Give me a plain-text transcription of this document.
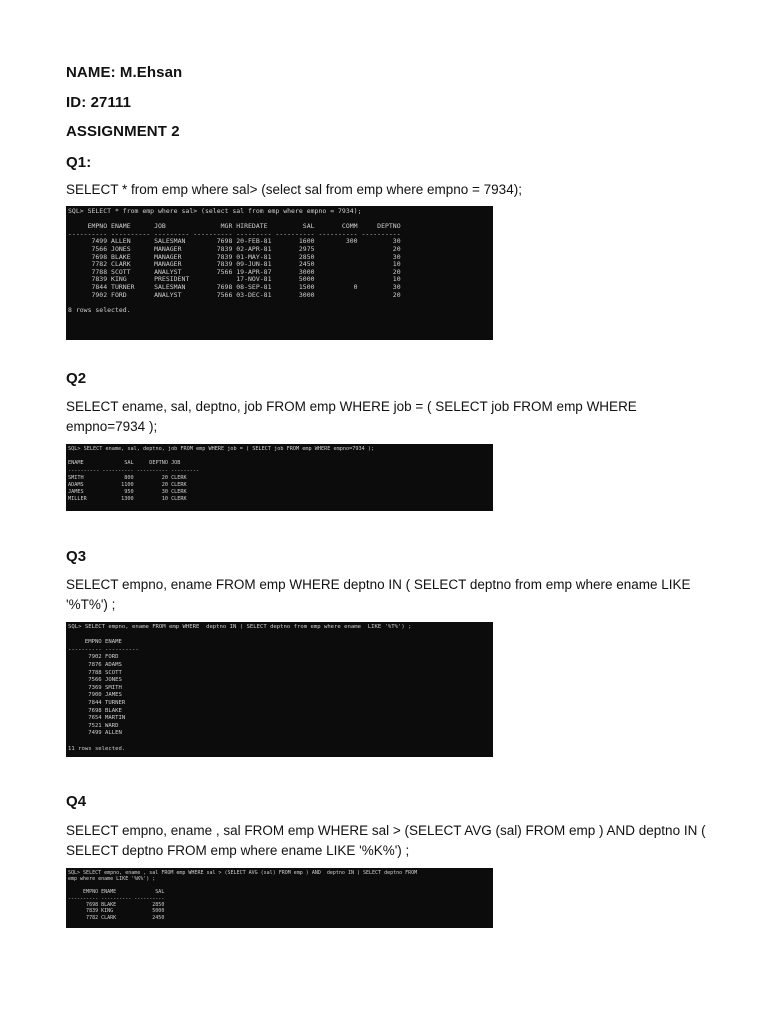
NAME: M.Ehsan

ID: 27111

ASSIGNMENT 2

Q1:

SELECT * from emp where sal> (select sal from emp where empno = 7934);

SQL> SELECT * from emp where sal> (select sal from emp where empno = 7934);

EMPNO ENAME      JOB              MGR HIREDATE         SAL       COMM     DEPTNO
---------- ---------- --------- ---------- --------- ---------- ---------- ----------
7499 ALLEN      SALESMAN        7698 20-FEB-81       1600        300         30
7566 JONES      MANAGER         7839 02-APR-81       2975                    20
7698 BLAKE      MANAGER         7839 01-MAY-81       2850                    30
7782 CLARK      MANAGER         7839 09-JUN-81       2450                    10
7788 SCOTT      ANALYST         7566 19-APR-87       3000                    20
7839 KING       PRESIDENT            17-NOV-81       5000                    10
7844 TURNER     SALESMAN        7698 08-SEP-81       1500          0         30
7902 FORD       ANALYST         7566 03-DEC-81       3000                    20

8 rows selected.

Q2

SELECT ename, sal, deptno, job FROM emp WHERE job = ( SELECT job FROM emp WHERE empno=7934 );

SQL> SELECT ename, sal, deptno, job FROM emp WHERE job = ( SELECT job FROM emp WHERE empno=7934 );

ENAME             SAL     DEPTNO JOB
---------- ---------- ---------- ---------
SMITH             800         20 CLERK
ADAMS            1100         20 CLERK
JAMES             950         30 CLERK
MILLER           1300         10 CLERK

Q3

SELECT empno, ename FROM emp WHERE deptno IN ( SELECT deptno from emp where ename LIKE '%T%') ;

SQL> SELECT empno, ename FROM emp WHERE  deptno IN ( SELECT deptno from emp where ename  LIKE '%T%') ;

EMPNO ENAME
---------- ----------
7902 FORD
7876 ADAMS
7788 SCOTT
7566 JONES
7369 SMITH
7900 JAMES
7844 TURNER
7698 BLAKE
7654 MARTIN
7521 WARD
7499 ALLEN

11 rows selected.

Q4

SELECT empno, ename , sal FROM emp WHERE sal > (SELECT AVG (sal) FROM emp ) AND deptno IN ( SELECT deptno FROM emp where ename LIKE '%K%') ;

SQL> SELECT empno, ename , sal FROM emp WHERE sal > (SELECT AVG (sal) FROM emp ) AND  deptno IN ( SELECT deptno FROM
emp where ename LIKE '%K%') ;

EMPNO ENAME             SAL
---------- ---------- ----------
7698 BLAKE            2850
7839 KING             5000
7782 CLARK            2450
